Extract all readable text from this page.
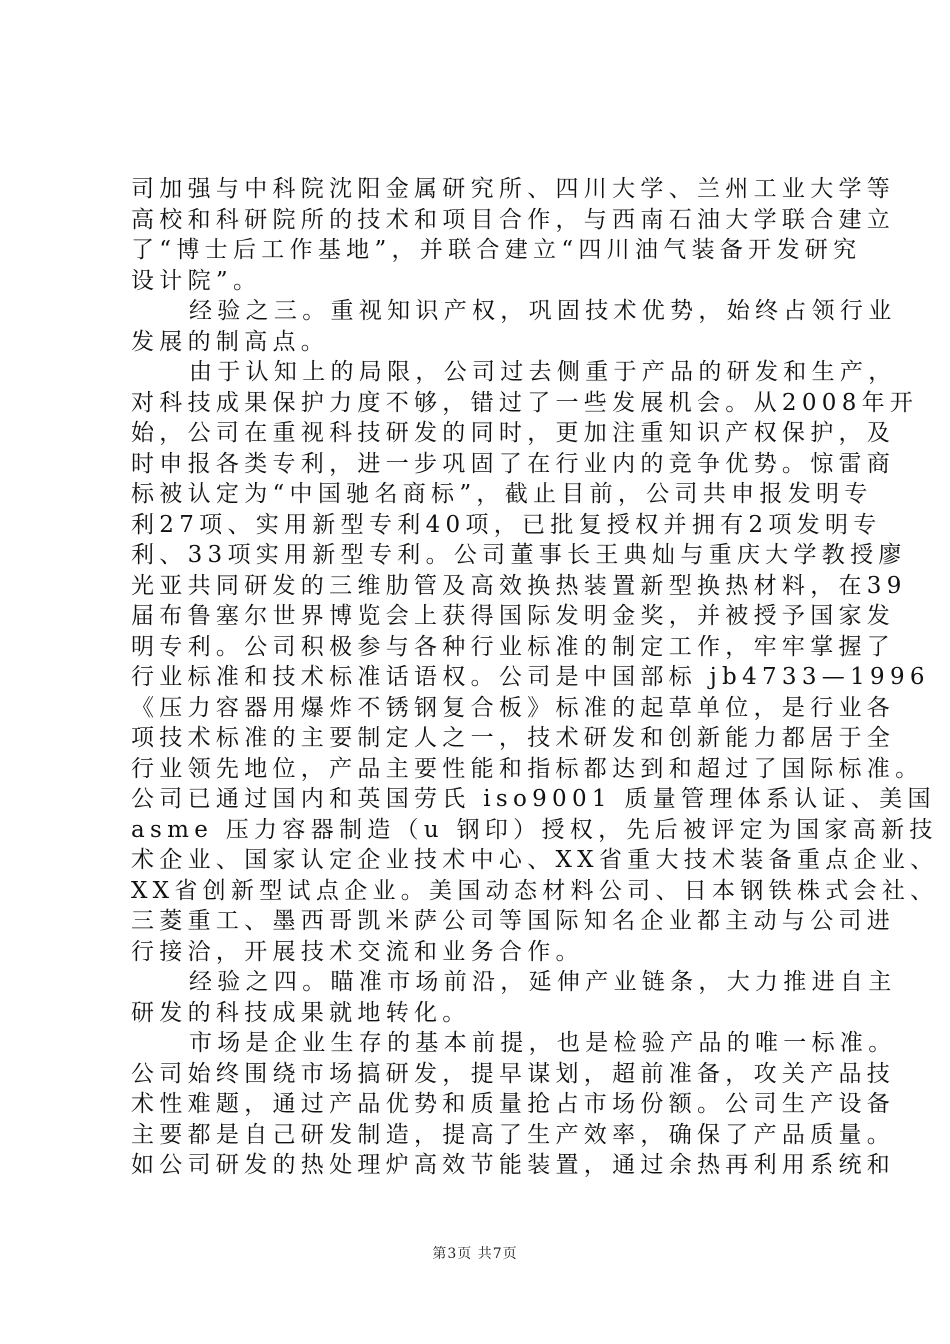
司加强与中科院沈阳金属研究所、四川大学、兰州工业大学等
高校和科研院所的技术和项目合作，与西南石油大学联合建立
了“博士后工作基地”，并联合建立“四川油气装备开发研究
设计院”。
经验之三。重视知识产权，巩固技术优势，始终占领行业
发展的制高点。
由于认知上的局限，公司过去侧重于产品的研发和生产，
对科技成果保护力度不够，错过了一些发展机会。从2008年开
始，公司在重视科技研发的同时，更加注重知识产权保护，及
时申报各类专利，进一步巩固了在行业内的竞争优势。惊雷商
标被认定为“中国驰名商标”，截止目前，公司共申报发明专
利27项、实用新型专利40项，已批复授权并拥有2项发明专
利、33项实用新型专利。公司董事长王典灿与重庆大学教授廖
光亚共同研发的三维肋管及高效换热装置新型换热材料，在39
届布鲁塞尔世界博览会上获得国际发明金奖，并被授予国家发
明专利。公司积极参与各种行业标准的制定工作，牢牢掌握了
行业标准和技术标准话语权。公司是中国部标 jb4733—1996
《压力容器用爆炸不锈钢复合板》标准的起草单位，是行业各
项技术标准的主要制定人之一，技术研发和创新能力都居于全
行业领先地位，产品主要性能和指标都达到和超过了国际标准。
公司已通过国内和英国劳氏 iso9001 质量管理体系认证、美国
asme 压力容器制造（u 钢印）授权，先后被评定为国家高新技
术企业、国家认定企业技术中心、XX省重大技术装备重点企业、
XX省创新型试点企业。美国动态材料公司、日本钢铁株式会社、
三菱重工、墨西哥凯米萨公司等国际知名企业都主动与公司进
行接洽，开展技术交流和业务合作。
经验之四。瞄准市场前沿，延伸产业链条，大力推进自主
研发的科技成果就地转化。
市场是企业生存的基本前提，也是检验产品的唯一标准。
公司始终围绕市场搞研发，提早谋划，超前准备，攻关产品技
术性难题，通过产品优势和质量抢占市场份额。公司生产设备
主要都是自己研发制造，提高了生产效率，确保了产品质量。
如公司研发的热处理炉高效节能装置，通过余热再利用系统和
第3页 共7页
